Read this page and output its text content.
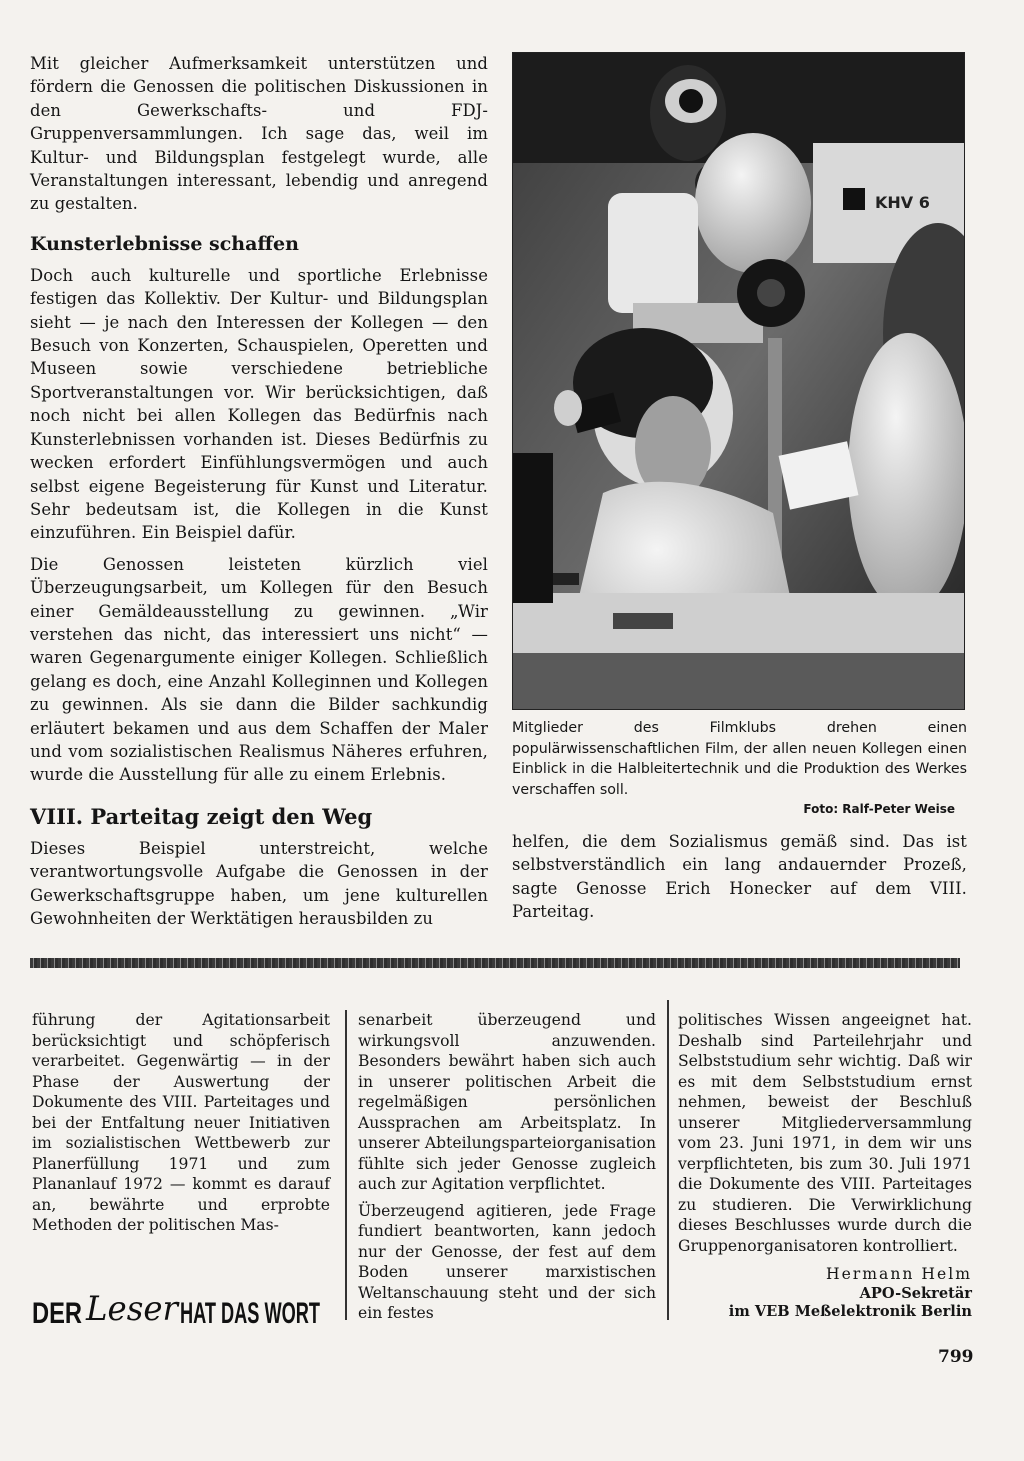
Mit gleicher Aufmerksamkeit unterstützen und fördern die Genossen die politischen Diskussionen in den Gewerkschafts- und FDJ-Gruppenversammlungen. Ich sage das, weil im Kultur- und Bildungsplan festgelegt wurde, alle Veranstaltungen interessant, lebendig und anregend zu gestalten.

Kunsterlebnisse schaffen

Doch auch kulturelle und sportliche Erlebnisse festigen das Kollektiv. Der Kultur- und Bildungsplan sieht — je nach den Interessen der Kollegen — den Besuch von Konzerten, Schauspielen, Operetten und Museen sowie verschiedene betriebliche Sportveranstaltungen vor. Wir berücksichtigen, daß noch nicht bei allen Kollegen das Bedürfnis nach Kunsterlebnissen vorhanden ist. Dieses Bedürfnis zu wecken erfordert Einfühlungsvermögen und auch selbst eigene Begeisterung für Kunst und Literatur. Sehr bedeutsam ist, die Kollegen in die Kunst einzuführen. Ein Beispiel dafür.

Die Genossen leisteten kürzlich viel Überzeugungsarbeit, um Kollegen für den Besuch einer Gemäldeausstellung zu gewinnen. „Wir verstehen das nicht, das interessiert uns nicht“ — waren Gegenargumente einiger Kollegen. Schließlich gelang es doch, eine Anzahl Kolleginnen und Kollegen zu gewinnen. Als sie dann die Bilder sachkundig erläutert bekamen und aus dem Schaffen der Maler und vom sozialistischen Realismus Näheres erfuhren, wurde die Ausstellung für alle zu einem Erlebnis.

VIII. Parteitag zeigt den Weg

Dieses Beispiel unterstreicht, welche verantwortungsvolle Aufgabe die Genossen in der Gewerkschaftsgruppe haben, um jene kulturellen Gewohnheiten der Werktätigen herausbilden zu

KHV 6

Mitglieder des Filmklubs drehen einen populärwissenschaftlichen Film, der allen neuen Kollegen einen Einblick in die Halbleitertechnik und die Produktion des Werkes verschaffen soll.

Foto: Ralf-Peter Weise

helfen, die dem Sozialismus gemäß sind. Das ist selbstverständlich ein lang andauernder Prozeß, sagte Genosse Erich Honecker auf dem VIII. Parteitag.

führung der Agitationsarbeit berücksichtigt und schöpferisch verarbeitet. Gegenwärtig — in der Phase der Auswertung der Dokumente des VIII. Parteitages und bei der Entfaltung neuer Initiativen im sozialistischen Wettbewerb zur Planerfüllung 1971 und zum Plananlauf 1972 — kommt es darauf an, bewährte und erprobte Methoden der politischen Mas-

senarbeit überzeugend und wirkungsvoll anzuwenden. Besonders bewährt haben sich auch in unserer politischen Arbeit die regelmäßigen persönlichen Aussprachen am Arbeitsplatz. In unserer Abteilungsparteiorganisation fühlte sich jeder Genosse zugleich auch zur Agitation verpflichtet.

Überzeugend agitieren, jede Frage fundiert beantworten, kann jedoch nur der Genosse, der fest auf dem Boden unserer marxistischen Weltanschauung steht und der sich ein festes

politisches Wissen angeeignet hat. Deshalb sind Parteilehrjahr und Selbststudium sehr wichtig. Daß wir es mit dem Selbststudium ernst nehmen, beweist der Beschluß unserer Mitgliederversammlung vom 23. Juni 1971, in dem wir uns verpflichteten, bis zum 30. Juli 1971 die Dokumente des VIII. Parteitages zu studieren. Die Verwirklichung dieses Beschlusses wurde durch die Gruppenorganisatoren kontrolliert.

Hermann Helm
APO-Sekretär
im VEB Meßelektronik Berlin
DER Leser HAT DAS WORT
799
